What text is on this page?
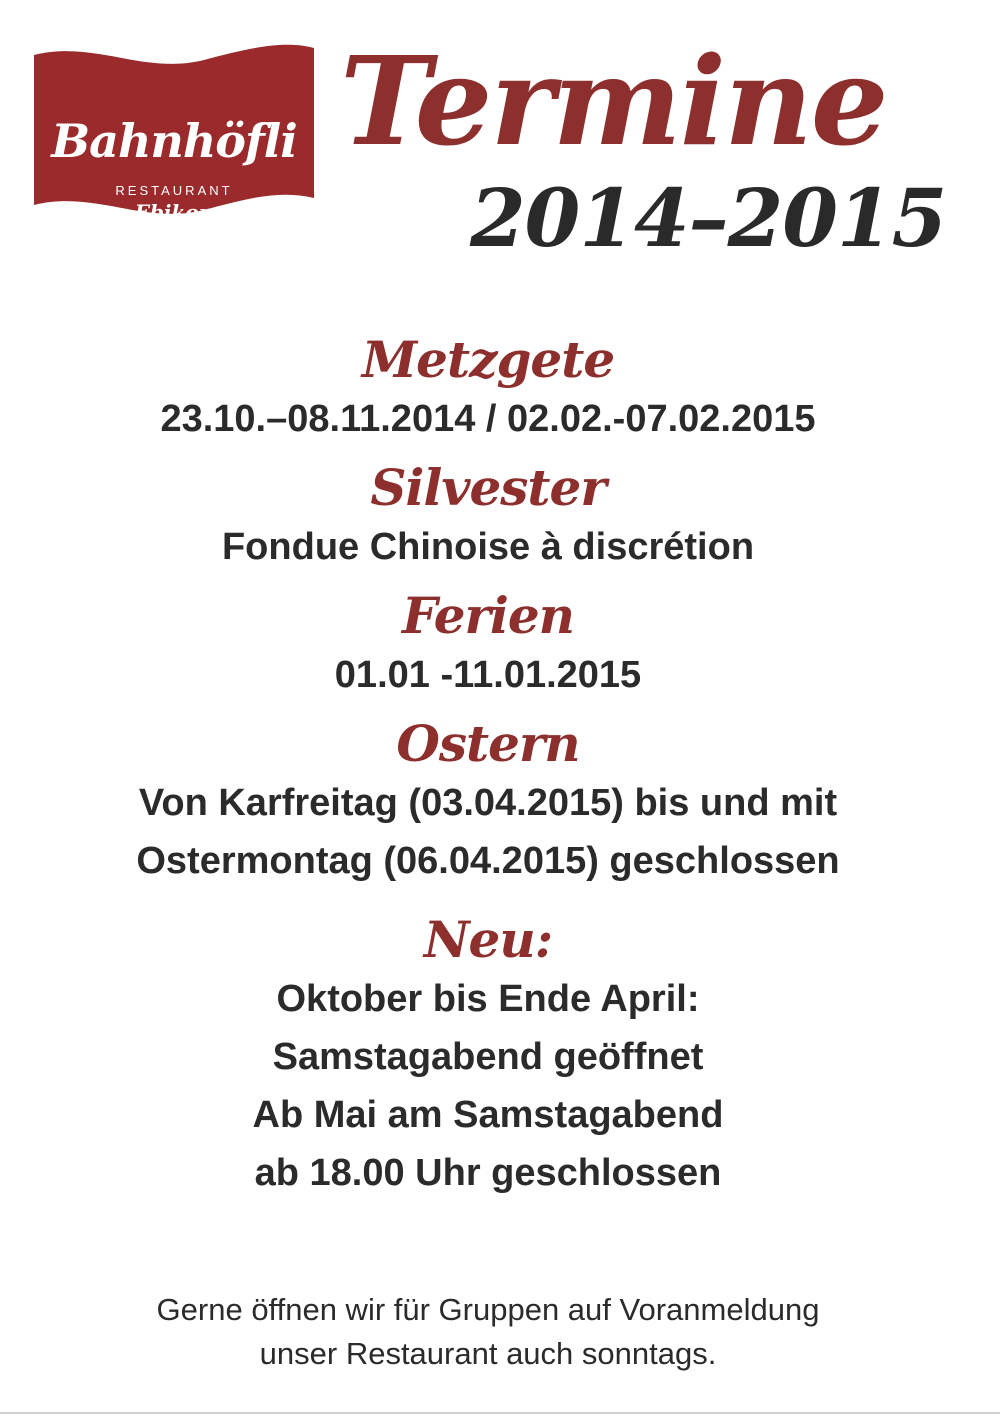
Bahnhöfli
RESTAURANT
Ebikon
Termine
2014–2015

Metzgete

23.10.–08.11.2014 / 02.02.-07.02.2015

Silvester

Fondue Chinoise à discrétion

Ferien

01.01 -11.01.2015

Ostern

Von Karfreitag (03.04.2015) bis und mit

Ostermontag (06.04.2015) geschlossen

Neu:

Oktober bis Ende April:

Samstagabend geöffnet

Ab Mai am Samstagabend

ab 18.00 Uhr geschlossen

Gerne öffnen wir für Gruppen auf Voranmeldung
unser Restaurant auch sonntags.
